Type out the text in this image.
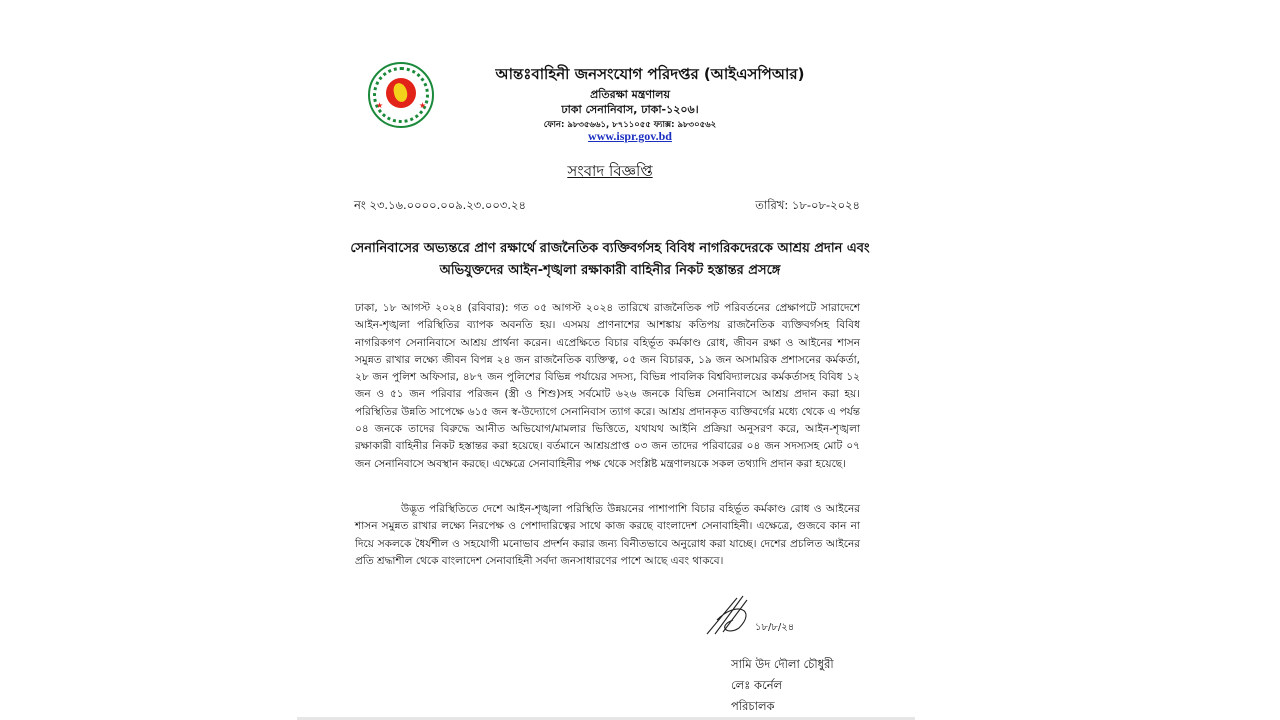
★	★
আন্তঃবাহিনী জনসংযোগ পরিদপ্তর (আইএসপিআর)
প্রতিরক্ষা মন্ত্রণালয়
ঢাকা সেনানিবাস, ঢাকা-১২০৬।
ফোন: ৯৮৩৫৬৬১, ৮৭১১০৫৫ ফ্যাক্স: ৯৮৩০৫৬২
www.ispr.gov.bd
সংবাদ বিজ্ঞপ্তি
নং ২৩.১৬.০০০০.০০৯.২৩.০০৩.২৪	তারিখ: ১৮-০৮-২০২৪
সেনানিবাসের অভ্যন্তরে প্রাণ রক্ষার্থে রাজনৈতিক ব্যক্তিবর্গসহ বিবিধ নাগরিকদেরকে আশ্রয় প্রদান এবং অভিযুক্তদের আইন-শৃঙ্খলা রক্ষাকারী বাহিনীর নিকট হস্তান্তর প্রসঙ্গে
ঢাকা, ১৮ আগস্ট ২০২৪ (রবিবার): গত ০৫ আগস্ট ২০২৪ তারিখে রাজনৈতিক পট পরিবর্তনের প্রেক্ষাপটে সারাদেশে আইন-শৃঙ্খলা পরিস্থিতির ব্যাপক অবনতি হয়। এসময় প্রাণনাশের আশঙ্কায় কতিপয় রাজনৈতিক ব্যক্তিবর্গসহ বিবিধ নাগরিকগণ সেনানিবাসে আশ্রয় প্রার্থনা করেন। এপ্রেক্ষিতে বিচার বহির্ভূত কর্মকাণ্ড রোধ, জীবন রক্ষা ও আইনের শাসন সমুন্নত রাখার লক্ষ্যে জীবন বিপন্ন ২৪ জন রাজনৈতিক ব্যক্তিত্ব, ০৫ জন বিচারক, ১৯ জন অসামরিক প্রশাসনের কর্মকর্তা, ২৮ জন পুলিশ অফিসার, ৪৮৭ জন পুলিশের বিভিন্ন পর্যায়ের সদস্য, বিভিন্ন পাবলিক বিশ্ববিদ্যালয়ের কর্মকর্তাসহ বিবিধ ১২ জন ও ৫১ জন পরিবার পরিজন (স্ত্রী ও শিশু)সহ সর্বমোট ৬২৬ জনকে বিভিন্ন সেনানিবাসে আশ্রয় প্রদান করা হয়। পরিস্থিতির উন্নতি সাপেক্ষে ৬১৫ জন স্ব-উদ্যোগে সেনানিবাস ত্যাগ করে। আশ্রয় প্রদানকৃত ব্যক্তিবর্গের মধ্যে থেকে এ পর্যন্ত ০৪ জনকে তাদের বিরুদ্ধে আনীত অভিযোগ/মামলার ভিত্তিতে, যথাযথ আইনি প্রক্রিয়া অনুসরণ করে, আইন-শৃঙ্খলা রক্ষাকারী বাহিনীর নিকট হস্তান্তর করা হয়েছে। বর্তমানে আশ্রয়প্রাপ্ত ০৩ জন তাদের পরিবারের ০৪ জন সদস্যসহ মোট ০৭ জন সেনানিবাসে অবস্থান করছে। এক্ষেত্রে সেনাবাহিনীর পক্ষ থেকে সংশ্লিষ্ট মন্ত্রণালয়কে সকল তথ্যাদি প্রদান করা হয়েছে।
উদ্ভূত পরিস্থিতিতে দেশে আইন-শৃঙ্খলা পরিস্থিতি উন্নয়নের পাশাপাশি বিচার বহির্ভূত কর্মকাণ্ড রোধ ও আইনের শাসন সমুন্নত রাখার লক্ষ্যে নিরপেক্ষ ও পেশাদারিত্বের সাথে কাজ করছে বাংলাদেশ সেনাবাহিনী। এক্ষেত্রে, গুজবে কান না দিয়ে সকলকে ধৈর্যশীল ও সহযোগী মনোভাব প্রদর্শন করার জন্য বিনীতভাবে অনুরোধ করা যাচ্ছে। দেশের প্রচলিত আইনের প্রতি শ্রদ্ধাশীল থেকে বাংলাদেশ সেনাবাহিনী সর্বদা জনসাধারণের পাশে আছে এবং থাকবে।
১৮/৮/২৪
সামি উদ দৌলা চৌধুরী
লেঃ কর্নেল
পরিচালক
